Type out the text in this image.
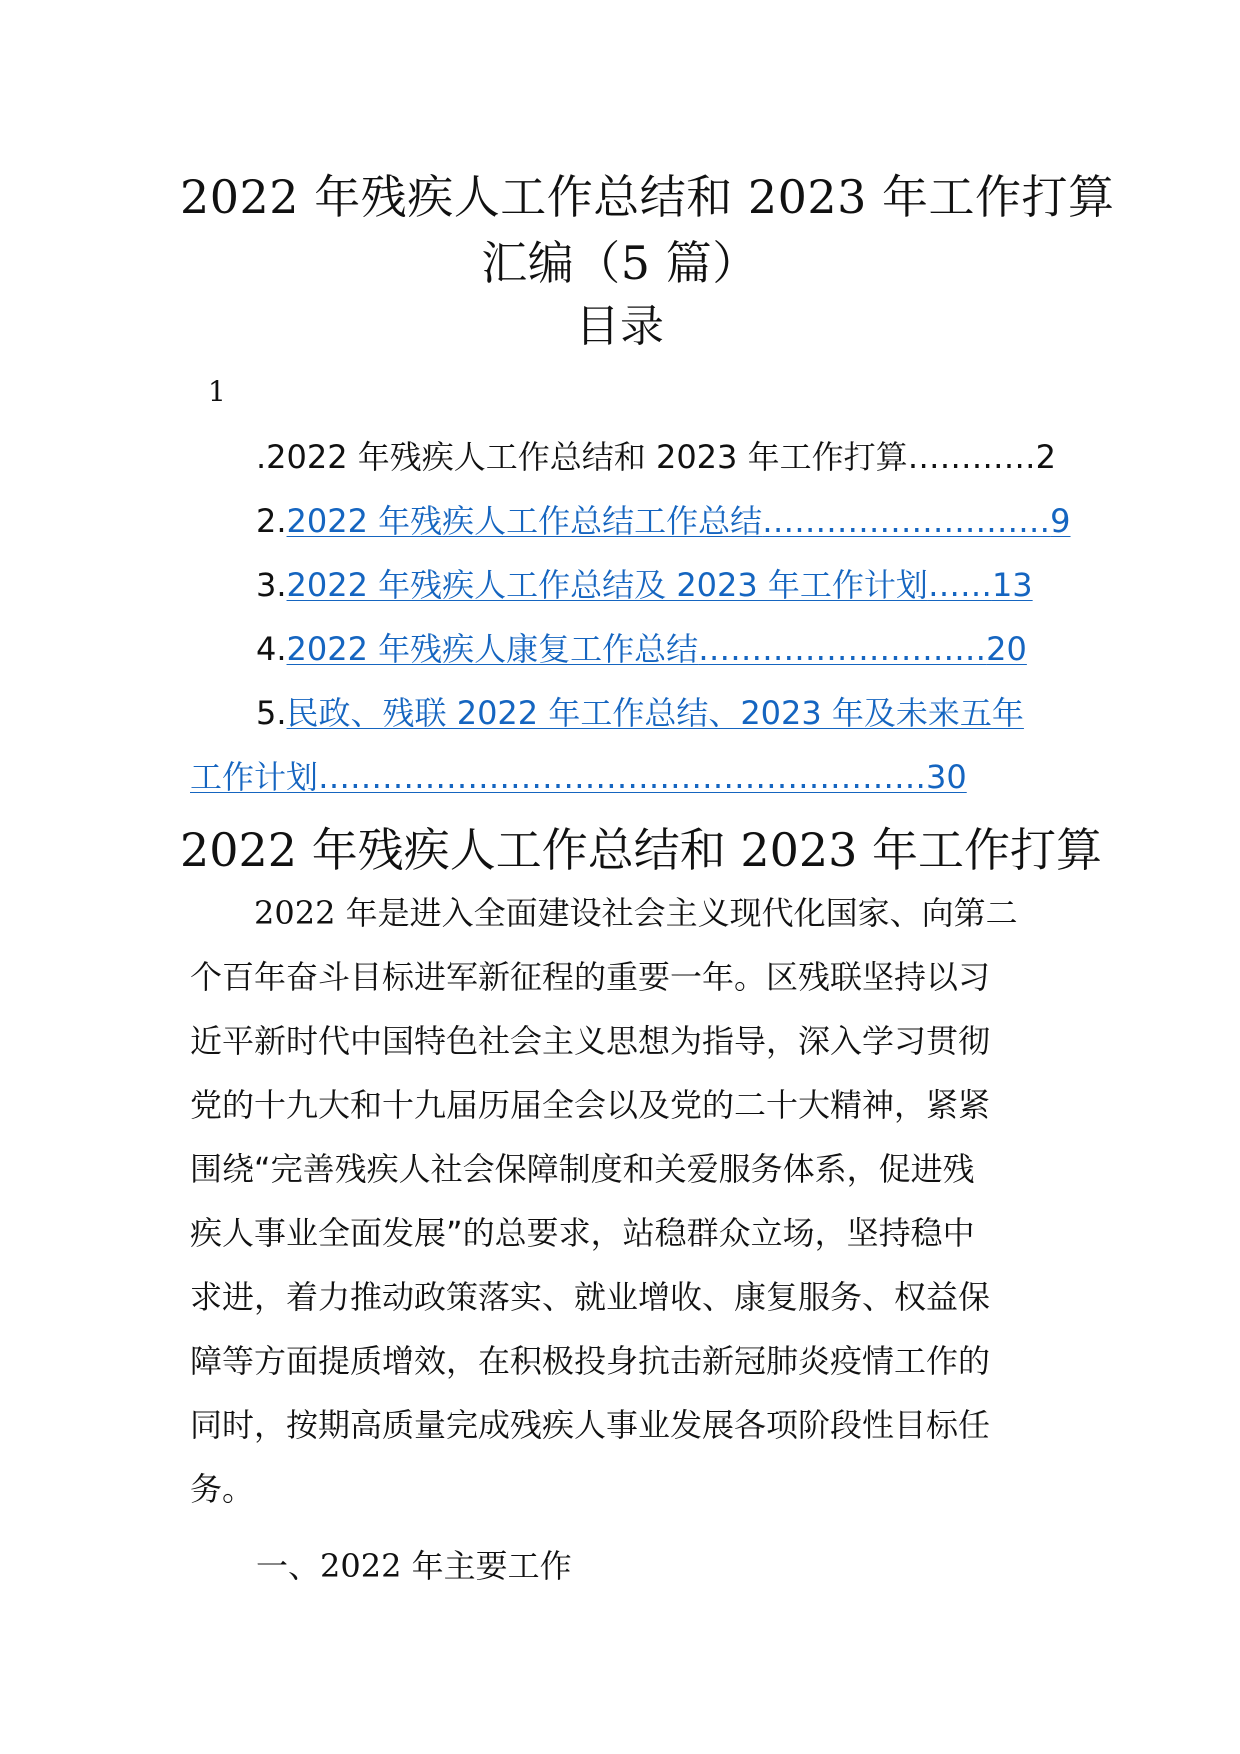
2022 年残疾人工作总结和 2023 年工作打算
汇编（5 篇）
目录
1
.2022 年残疾人工作总结和 2023 年工作打算…………2
2.2022 年残疾人工作总结工作总结………………………9
3.2022 年残疾人工作总结及 2023 年工作计划……13
4.2022 年残疾人康复工作总结………………………20
5.民政、残联 2022 年工作总结、2023 年及未来五年
工作计划…………………………………………………30
2022 年残疾人工作总结和 2023 年工作打算
2022 年是进入全面建设社会主义现代化国家、向第二
个百年奋斗目标进军新征程的重要一年。区残联坚持以习
近平新时代中国特色社会主义思想为指导，深入学习贯彻
党的十九大和十九届历届全会以及党的二十大精神，紧紧
围绕“完善残疾人社会保障制度和关爱服务体系，促进残
疾人事业全面发展”的总要求，站稳群众立场，坚持稳中
求进，着力推动政策落实、就业增收、康复服务、权益保
障等方面提质增效，在积极投身抗击新冠肺炎疫情工作的
同时，按期高质量完成残疾人事业发展各项阶段性目标任
务。
一、2022 年主要工作
